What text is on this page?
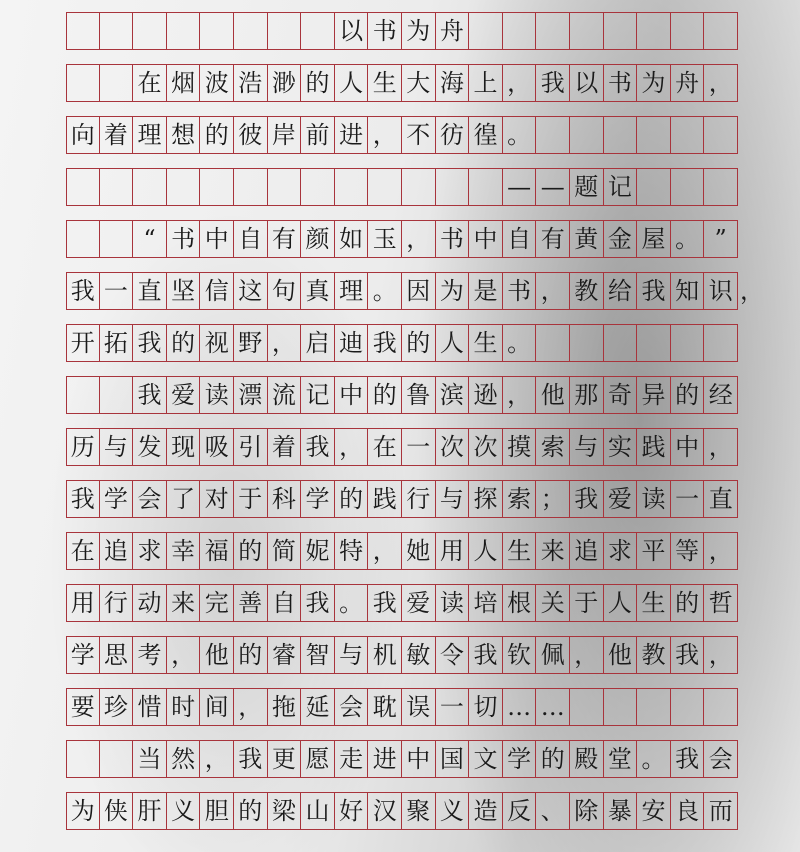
以 书 为 舟
在 烟 波 浩 渺 的 人 生 大 海 上 ， 我 以 书 为 舟 ，
向 着 理 想 的 彼 岸 前 进 ， 不 彷 徨 。
— — 题 记
“ 书 中 自 有 颜 如 玉 ， 书 中 自 有 黄 金 屋 。 ”
我 一 直 坚 信 这 句 真 理 。 因 为 是 书 ， 教 给 我 知 识 ，
开 拓 我 的 视 野 ， 启 迪 我 的 人 生 。
我 爱 读 漂 流 记 中 的 鲁 滨 逊 ， 他 那 奇 异 的 经
历 与 发 现 吸 引 着 我 ， 在 一 次 次 摸 索 与 实 践 中 ，
我 学 会 了 对 于 科 学 的 践 行 与 探 索 ； 我 爱 读 一 直
在 追 求 幸 福 的 简 妮 特 ， 她 用 人 生 来 追 求 平 等 ，
用 行 动 来 完 善 自 我 。 我 爱 读 培 根 关 于 人 生 的 哲
学 思 考 ， 他 的 睿 智 与 机 敏 令 我 钦 佩 ， 他 教 我 ，
要 珍 惜 时 间 ， 拖 延 会 耽 误 一 切 … …
当 然 ， 我 更 愿 走 进 中 国 文 学 的 殿 堂 。 我 会
为 侠 肝 义 胆 的 梁 山 好 汉 聚 义 造 反 、 除 暴 安 良 而
